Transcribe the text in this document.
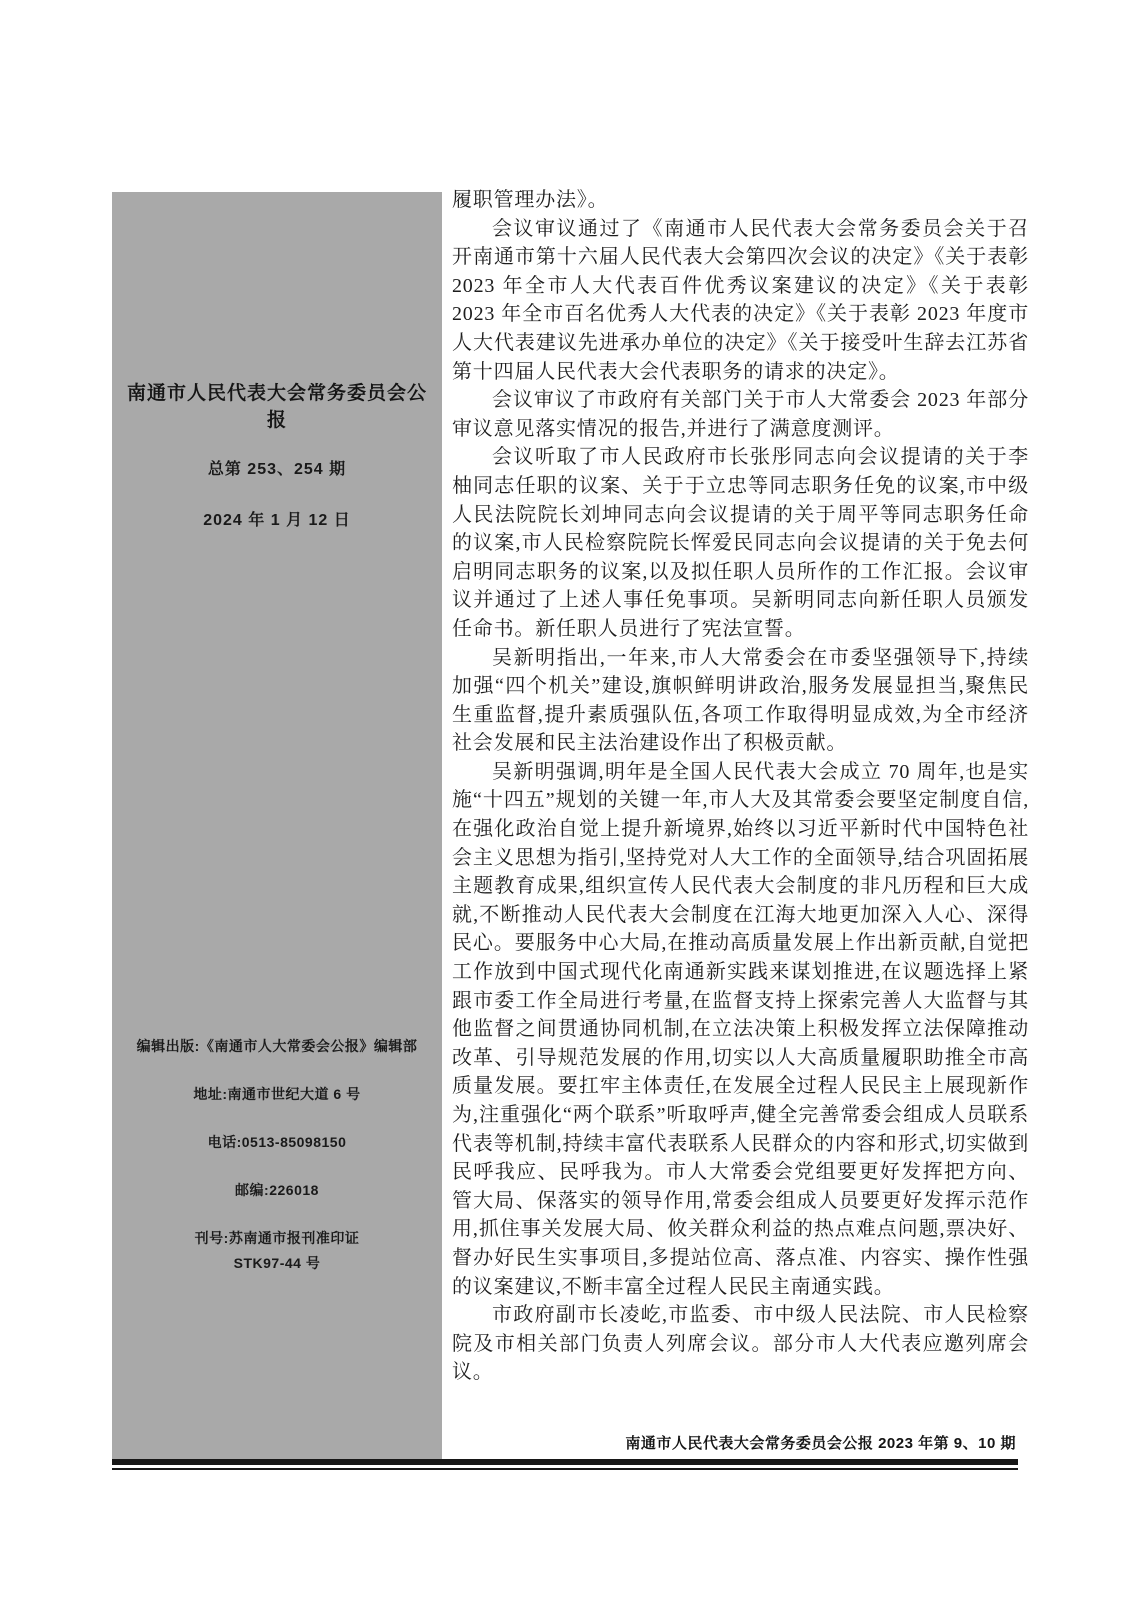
南通市人民代表大会常务委员会公报
总第 253、254 期
2024 年 1 月 12 日
编辑出版:《南通市人大常委会公报》编辑部
地址:南通市世纪大道 6 号
电话:0513-85098150
邮编:226018
刊号:苏南通市报刊准印证
STK97-44 号

履职管理办法》。

会议审议通过了《南通市人民代表大会常务委员会关于召开南通市第十六届人民代表大会第四次会议的决定》《关于表彰 2023 年全市人大代表百件优秀议案建议的决定》《关于表彰 2023 年全市百名优秀人大代表的决定》《关于表彰 2023 年度市人大代表建议先进承办单位的决定》《关于接受叶生辞去江苏省第十四届人民代表大会代表职务的请求的决定》。

会议审议了市政府有关部门关于市人大常委会 2023 年部分审议意见落实情况的报告,并进行了满意度测评。

会议听取了市人民政府市长张彤同志向会议提请的关于李柚同志任职的议案、关于于立忠等同志职务任免的议案,市中级人民法院院长刘坤同志向会议提请的关于周平等同志职务任命的议案,市人民检察院院长恽爱民同志向会议提请的关于免去何启明同志职务的议案,以及拟任职人员所作的工作汇报。会议审议并通过了上述人事任免事项。吴新明同志向新任职人员颁发任命书。新任职人员进行了宪法宣誓。

吴新明指出,一年来,市人大常委会在市委坚强领导下,持续加强“四个机关”建设,旗帜鲜明讲政治,服务发展显担当,聚焦民生重监督,提升素质强队伍,各项工作取得明显成效,为全市经济社会发展和民主法治建设作出了积极贡献。

吴新明强调,明年是全国人民代表大会成立 70 周年,也是实施“十四五”规划的关键一年,市人大及其常委会要坚定制度自信,在强化政治自觉上提升新境界,始终以习近平新时代中国特色社会主义思想为指引,坚持党对人大工作的全面领导,结合巩固拓展主题教育成果,组织宣传人民代表大会制度的非凡历程和巨大成就,不断推动人民代表大会制度在江海大地更加深入人心、深得民心。要服务中心大局,在推动高质量发展上作出新贡献,自觉把工作放到中国式现代化南通新实践来谋划推进,在议题选择上紧跟市委工作全局进行考量,在监督支持上探索完善人大监督与其他监督之间贯通协同机制,在立法决策上积极发挥立法保障推动改革、引导规范发展的作用,切实以人大高质量履职助推全市高质量发展。要扛牢主体责任,在发展全过程人民民主上展现新作为,注重强化“两个联系”听取呼声,健全完善常委会组成人员联系代表等机制,持续丰富代表联系人民群众的内容和形式,切实做到民呼我应、民呼我为。市人大常委会党组要更好发挥把方向、管大局、保落实的领导作用,常委会组成人员要更好发挥示范作用,抓住事关发展大局、攸关群众利益的热点难点问题,票决好、督办好民生实事项目,多提站位高、落点准、内容实、操作性强的议案建议,不断丰富全过程人民民主南通实践。

市政府副市长凌屹,市监委、市中级人民法院、市人民检察院及市相关部门负责人列席会议。部分市人大代表应邀列席会议。

南通市人民代表大会常务委员会公报 2023 年第 9、10 期
